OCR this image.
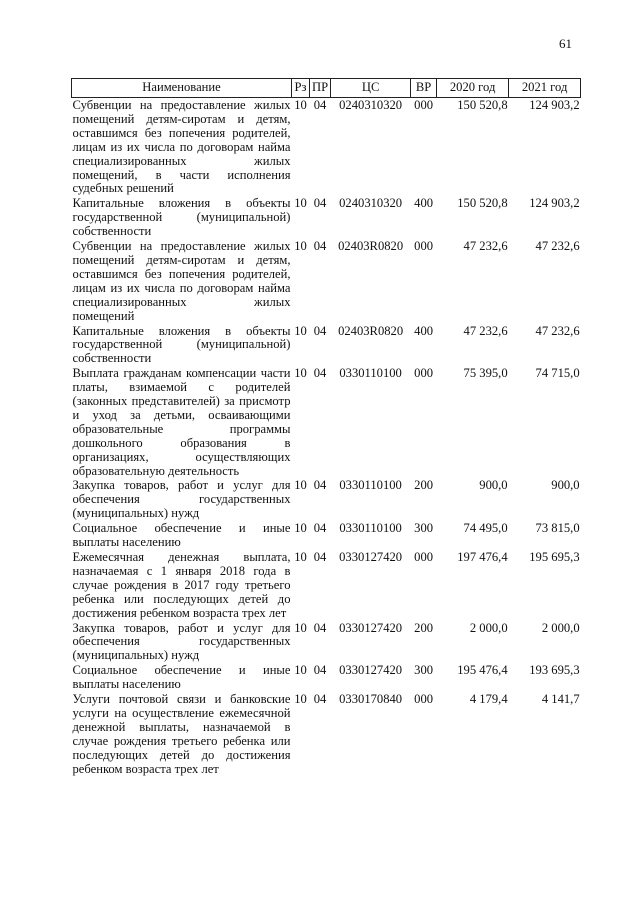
61
Наименование	Рз	ПР	ЦС	ВР	2020 год	2021 год
Субвенции на предоставление жилых помещений детям-сиротам и детям, оставшимся без попечения родителей, лицам из их числа по договорам найма специализированных жилых помещений, в части исполнения судебных решений	10	04	0240310320	000	150 520,8	124 903,2
Капитальные вложения в объекты государственной (муниципальной) собственности	10	04	0240310320	400	150 520,8	124 903,2
Субвенции на предоставление жилых помещений детям-сиротам и детям, оставшимся без попечения родителей, лицам из их числа по договорам найма специализированных жилых помещений	10	04	02403R0820	000	47 232,6	47 232,6
Капитальные вложения в объекты государственной (муниципальной) собственности	10	04	02403R0820	400	47 232,6	47 232,6
Выплата гражданам компенсации части платы, взимаемой с родителей (законных представителей) за присмотр и уход за детьми, осваивающими образовательные программы дошкольного образования в организациях, осуществляющих образовательную деятельность	10	04	0330110100	000	75 395,0	74 715,0
Закупка товаров, работ и услуг для обеспечения государственных (муниципальных) нужд	10	04	0330110100	200	900,0	900,0
Социальное обеспечение и иные выплаты населению	10	04	0330110100	300	74 495,0	73 815,0
Ежемесячная денежная выплата, назначаемая с 1 января 2018 года в случае рождения в 2017 году третьего ребенка или последующих детей до достижения ребенком возраста трех лет	10	04	0330127420	000	197 476,4	195 695,3
Закупка товаров, работ и услуг для обеспечения государственных (муниципальных) нужд	10	04	0330127420	200	2 000,0	2 000,0
Социальное обеспечение и иные выплаты населению	10	04	0330127420	300	195 476,4	193 695,3
Услуги почтовой связи и банковские услуги на осуществление ежемесячной денежной выплаты, назначаемой в случае рождения третьего ребенка или последующих детей до достижения ребенком возраста трех лет	10	04	0330170840	000	4 179,4	4 141,7
